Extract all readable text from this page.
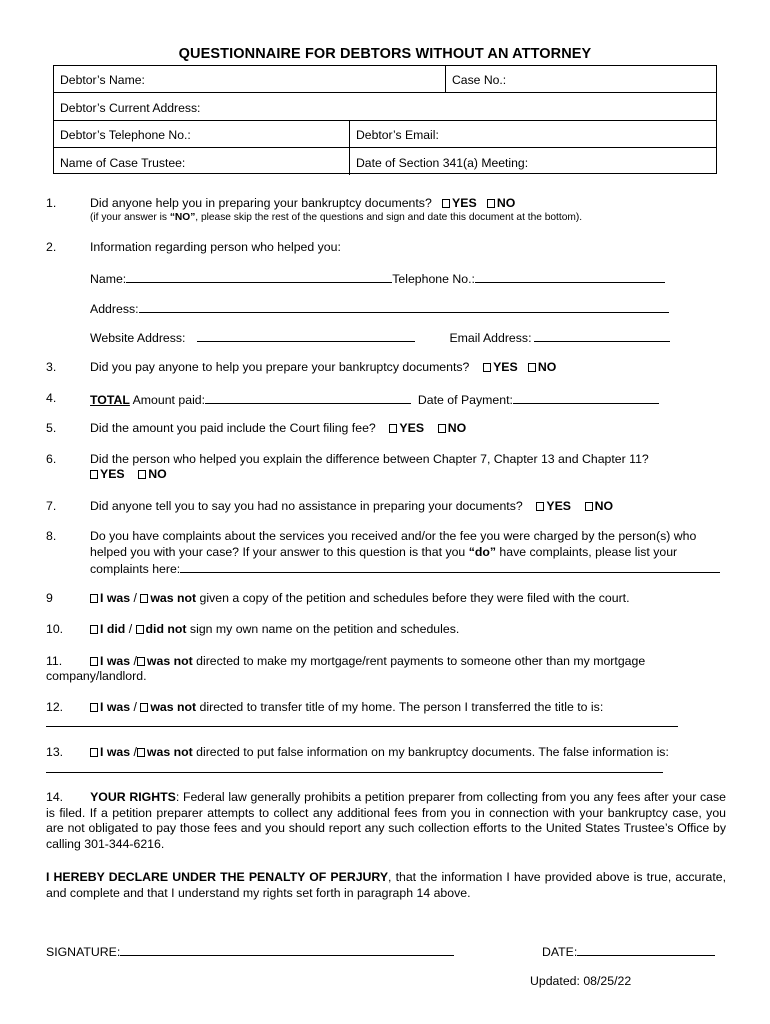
QUESTIONNAIRE FOR DEBTORS WITHOUT AN ATTORNEY
Debtor’s Name:	Case No.:
Debtor’s Current Address:
Debtor’s Telephone No.:	Debtor’s Email:
Name of Case Trustee:	Date of Section 341(a) Meeting:
1.	Did anyone help you in preparing your bankruptcy documents? YES NO
(if your answer is “NO”, please skip the rest of the questions and sign and date this document at the bottom).
2.	Information regarding person who helped you:
Name:	Telephone No.:
Address:
Website Address:	Email Address:
3.	Did you pay anyone to help you prepare your bankruptcy documents? YES NO
4.	TOTAL Amount paid:	Date of Payment:
5.	Did the amount you paid include the Court filing fee? YES NO
6.	Did the person who helped you explain the difference between Chapter 7, Chapter 13 and Chapter 11?
YES NO
7.	Did anyone tell you to say you had no assistance in preparing your documents? YES NO
8.	Do you have complaints about the services you received and/or the fee you were charged by the person(s) who
helped you with your case? If your answer to this question is that you “do” have complaints, please list your
complaints here:
9	I was / was not given a copy of the petition and schedules before they were filed with the court.
10.	I did / did not sign my own name on the petition and schedules.
11.	I was / was not directed to make my mortgage/rent payments to someone other than my mortgage
company/landlord.
12.	I was / was not directed to transfer title of my home. The person I transferred the title to is:
13.	I was / was not directed to put false information on my bankruptcy documents. The false information is:
14. YOUR RIGHTS: Federal law generally prohibits a petition preparer from collecting from you any fees after your case is filed. If a petition preparer attempts to collect any additional fees from you in connection with your bankruptcy case, you are not obligated to pay those fees and you should report any such collection efforts to the United States Trustee’s Office by calling 301-344-6216.
I HEREBY DECLARE UNDER THE PENALTY OF PERJURY, that the information I have provided above is true, accurate, and complete and that I understand my rights set forth in paragraph 14 above.
SIGNATURE:	DATE:
Updated: 08/25/22
